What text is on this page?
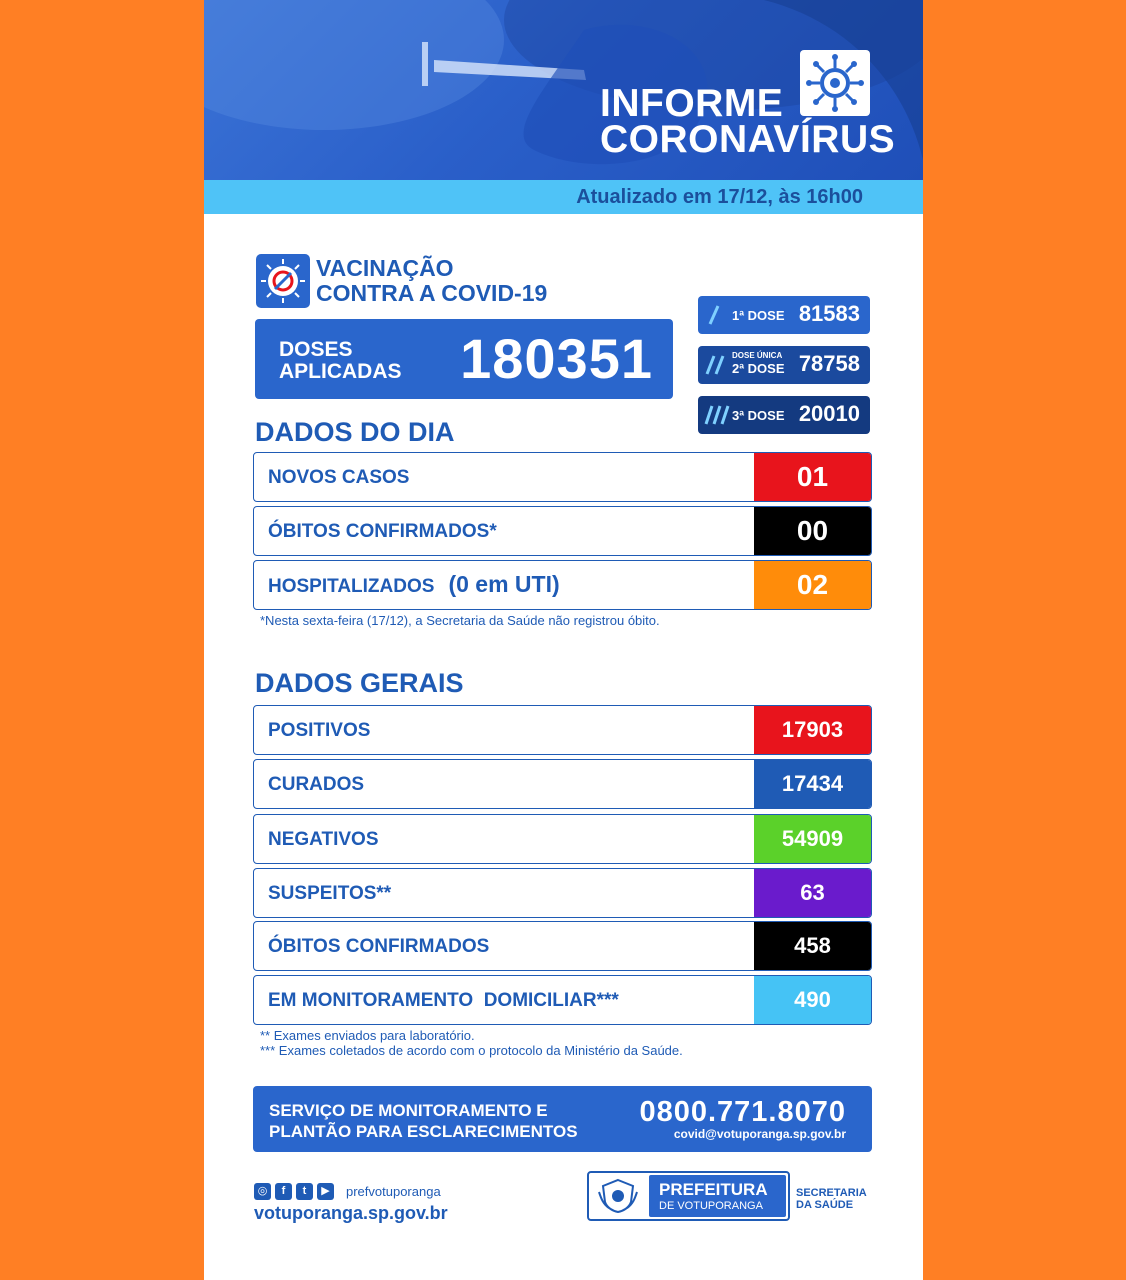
INFORME
CORONAVÍRUS
Atualizado em 17/12, às 16h00
VACINAÇÃO
CONTRA A COVID-19
DOSES
APLICADAS 180351
1ª DOSE 81583
DOSE ÚNICA
2ª DOSE 78758
3ª DOSE 20010
DADOS DO DIA
NOVOS CASOS	01
ÓBITOS CONFIRMADOS*	00
HOSPITALIZADOS (0 em UTI)	02
*Nesta sexta-feira (17/12), a Secretaria da Saúde não registrou óbito.
DADOS GERAIS
POSITIVOS	17903
CURADOS	17434
NEGATIVOS	54909
SUSPEITOS**	63
ÓBITOS CONFIRMADOS	458
EM MONITORAMENTO  DOMICILIAR***	490
** Exames enviados para laboratório.
*** Exames coletados de acordo com o protocolo da Ministério da Saúde.
SERVIÇO DE MONITORAMENTO E
PLANTÃO PARA ESCLARECIMENTOS
0800.771.8070
covid@votuporanga.sp.gov.br
◎	f	t	▶	prefvotuporanga
votuporanga.sp.gov.br
PREFEITURA
DE VOTUPORANGA
SECRETARIA
DA SAÚDE
